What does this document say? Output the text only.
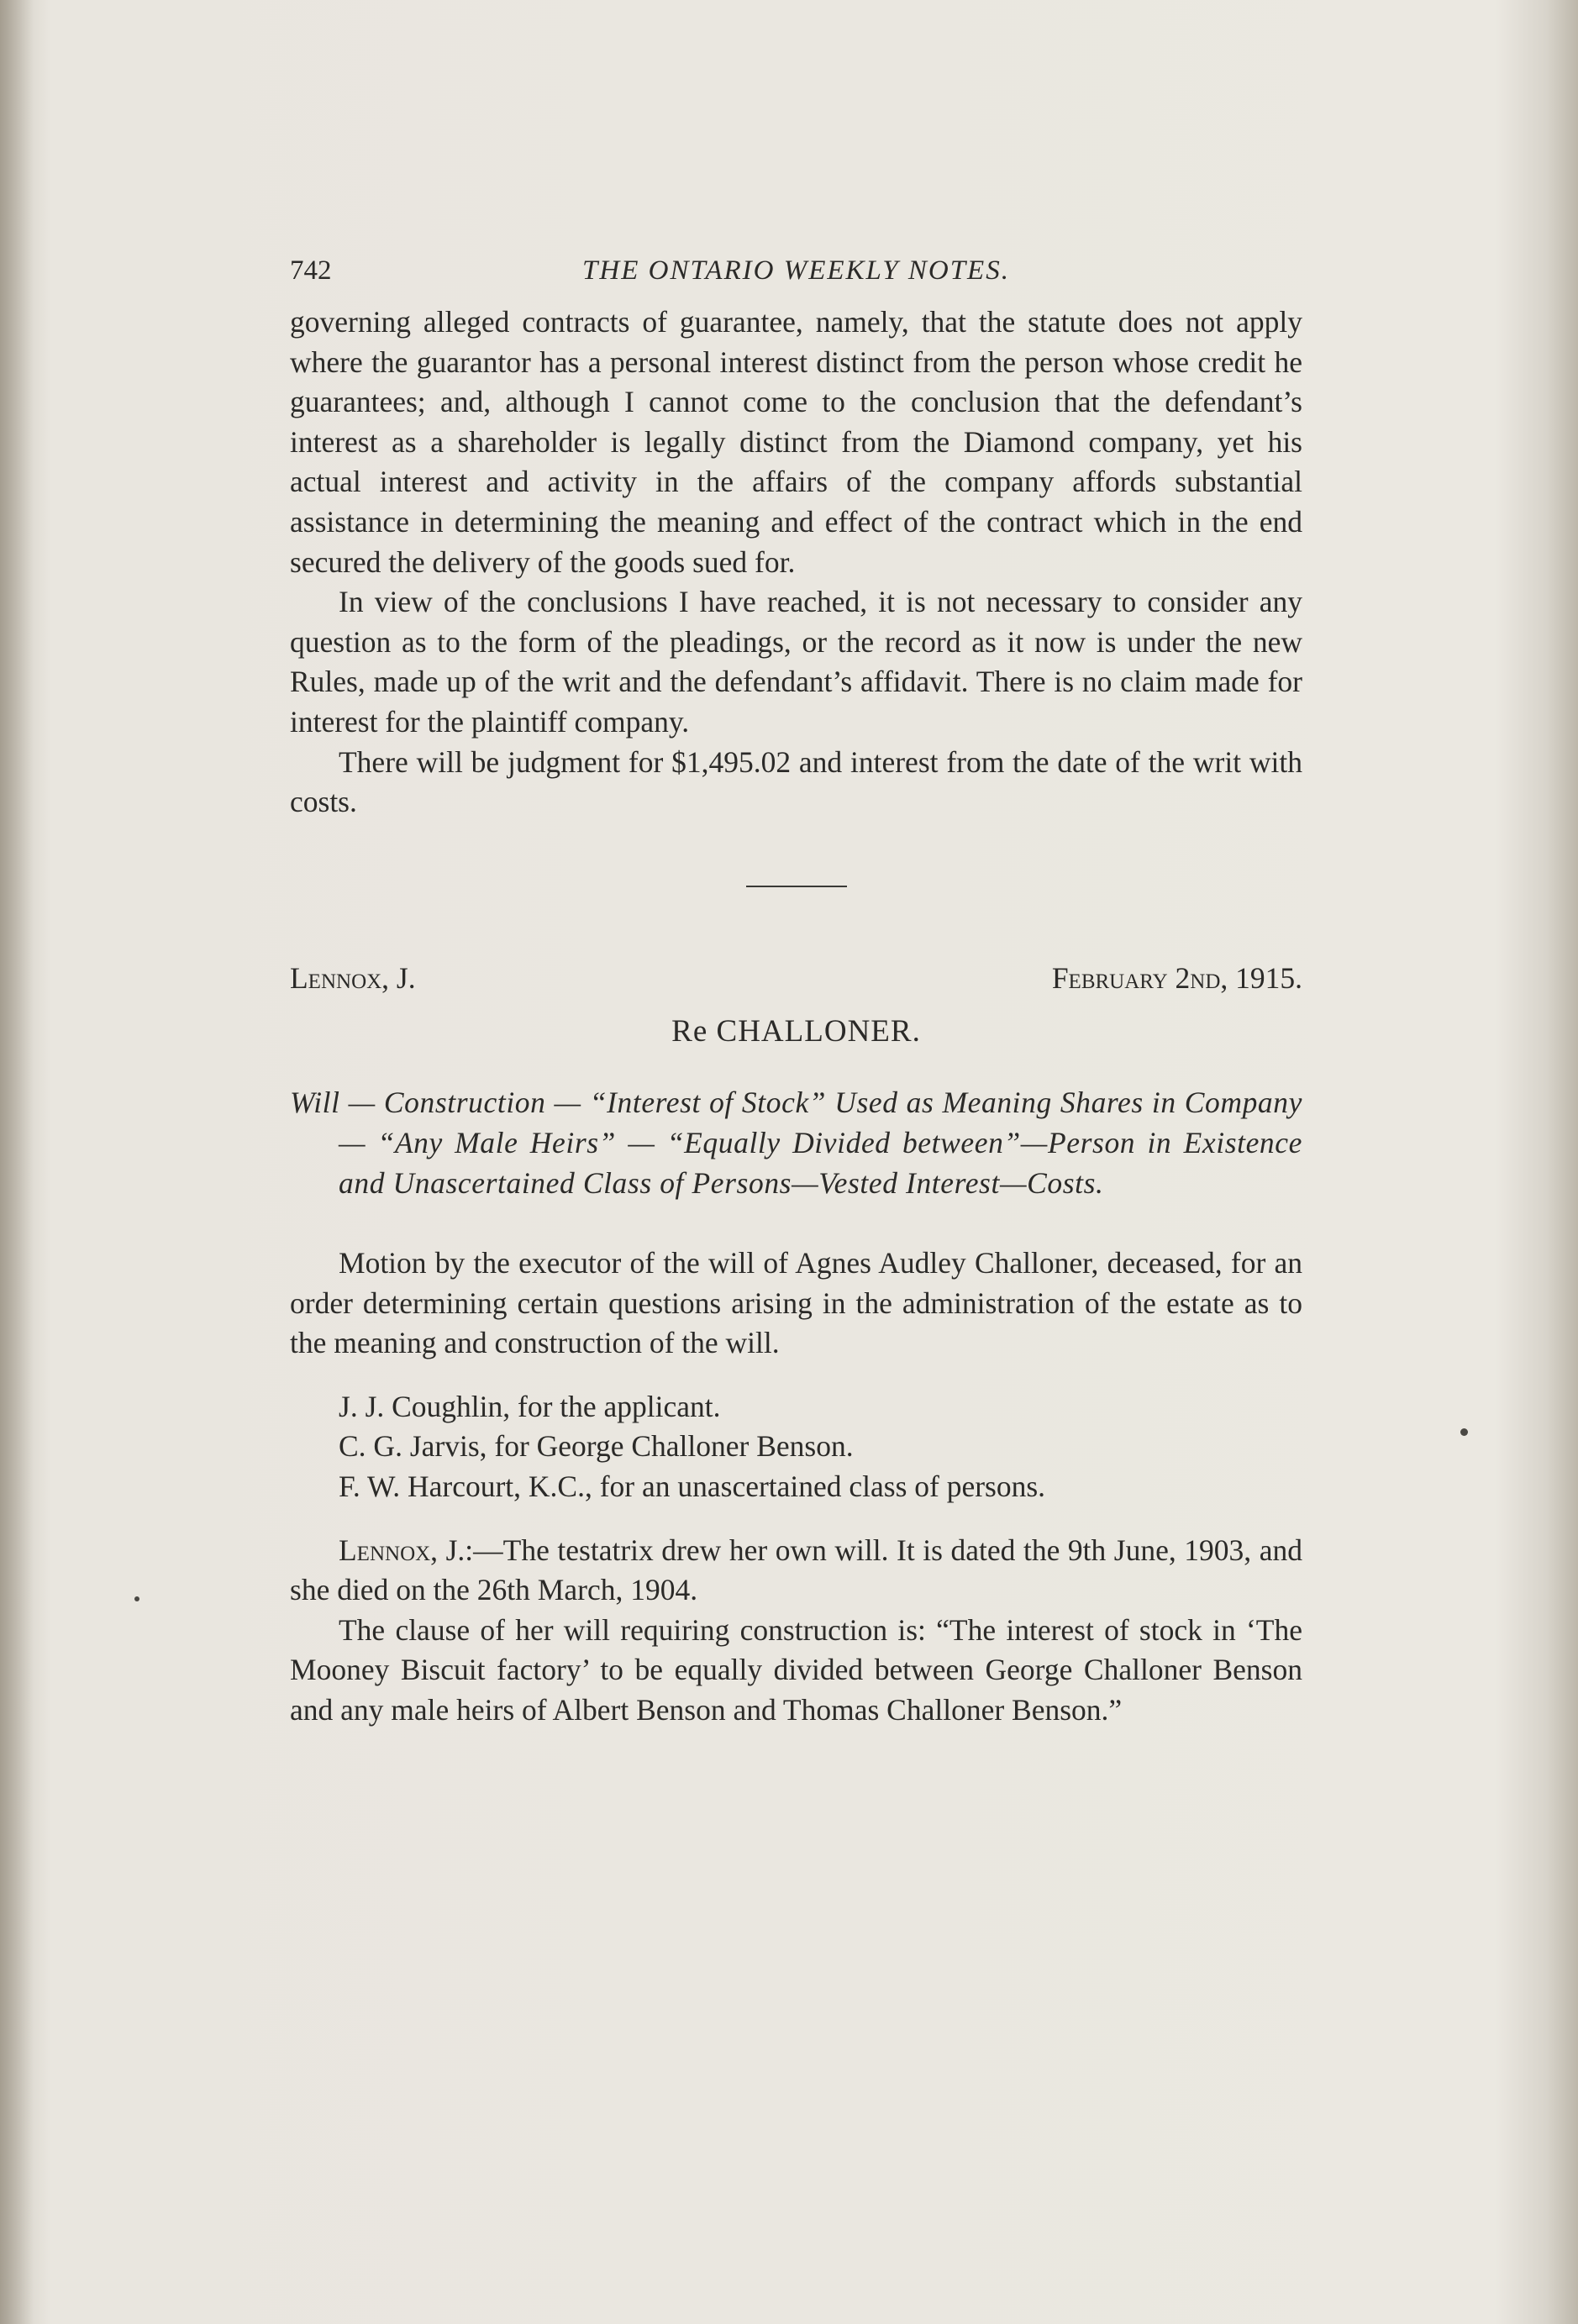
742	THE ONTARIO WEEKLY NOTES.

governing alleged contracts of guarantee, namely, that the statute does not apply where the guarantor has a personal interest distinct from the person whose credit he guarantees; and, although I cannot come to the conclusion that the defendant’s interest as a shareholder is legally distinct from the Diamond company, yet his actual interest and activity in the affairs of the company affords substantial assistance in determining the meaning and effect of the contract which in the end secured the delivery of the goods sued for.

In view of the conclusions I have reached, it is not necessary to consider any question as to the form of the pleadings, or the record as it now is under the new Rules, made up of the writ and the defendant’s affidavit. There is no claim made for interest for the plaintiff company.

There will be judgment for $1,495.02 and interest from the date of the writ with costs.

Lennox, J.	February 2nd, 1915.
Re CHALLONER.
Will — Construction — “Interest of Stock” Used as Meaning Shares in Company — “Any Male Heirs” — “Equally Divided between”—Person in Existence and Unascertained Class of Persons—Vested Interest—Costs.

Motion by the executor of the will of Agnes Audley Challoner, deceased, for an order determining certain questions arising in the administration of the estate as to the meaning and construction of the will.

J. J. Coughlin, for the applicant.
C. G. Jarvis, for George Challoner Benson.
F. W. Harcourt, K.C., for an unascertained class of persons.

Lennox, J.:—The testatrix drew her own will. It is dated the 9th June, 1903, and she died on the 26th March, 1904.

The clause of her will requiring construction is: “The interest of stock in ‘The Mooney Biscuit factory’ to be equally divided between George Challoner Benson and any male heirs of Albert Benson and Thomas Challoner Benson.”
